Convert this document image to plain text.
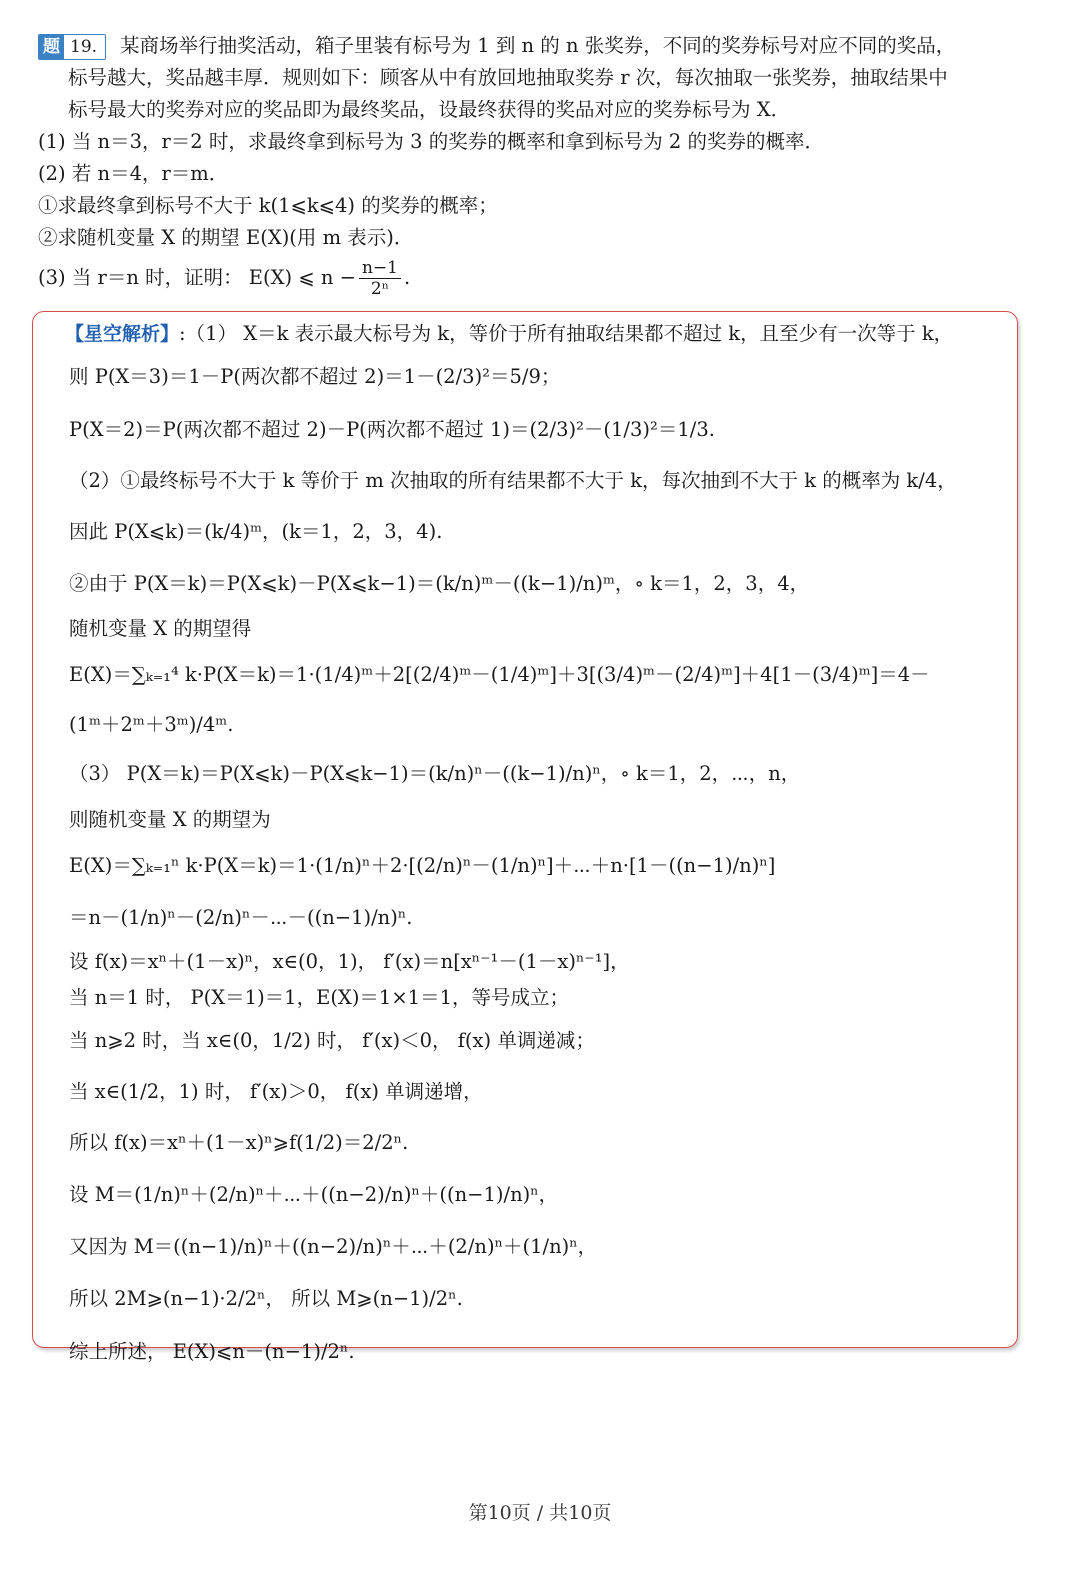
题 19. 某商场举行抽奖活动，箱子里装有标号为 1 到 n 的 n 张奖券，不同的奖券标号对应不同的奖品，
标号越大，奖品越丰厚．规则如下：顾客从中有放回地抽取奖券 r 次，每次抽取一张奖券，抽取结果中
标号最大的奖券对应的奖品即为最终奖品，设最终获得的奖品对应的奖券标号为 X．
(1) 当 n＝3，r＝2 时，求最终拿到标号为 3 的奖券的概率和拿到标号为 2 的奖券的概率．
(2) 若 n＝4，r＝m．
①求最终拿到标号不大于 k(1⩽k⩽4) 的奖券的概率；
②求随机变量 X 的期望 E(X)(用 m 表示)．
(3) 当 r＝n 时，证明： E(X) ⩽ $n - \frac{n-1}{\text{2ⁿ}}$ .
【星空解析】 :（1） X＝k 表示最大标号为 k，等价于所有抽取结果都不超过 k，且至少有一次等于 k，
则 P(X＝3)＝1－P(两次都不超过 2)＝1－(2/3)²＝5/9；
P(X＝2)＝P(两次都不超过 2)－P(两次都不超过 1)＝(2/3)²－(1/3)²＝1/3.
（2）①最终标号不大于 k 等价于 m 次抽取的所有结果都不大于 k，每次抽到不大于 k 的概率为 k/4，
因此 P(X⩽k)＝(k/4)ᵐ，(k＝1，2，3，4).
②由于 P(X＝k)＝P(X⩽k)－P(X⩽k−1)＝(k/n)ᵐ－((k−1)/n)ᵐ，∘ k＝1，2，3，4，
随机变量 X 的期望得
E(X)＝∑ₖ₌₁⁴ k·P(X＝k)＝1·(1/4)ᵐ＋2[(2/4)ᵐ－(1/4)ᵐ]＋3[(3/4)ᵐ－(2/4)ᵐ]＋4[1－(3/4)ᵐ]＝4－
(1ᵐ＋2ᵐ＋3ᵐ)/4ᵐ.
（3） P(X＝k)＝P(X⩽k)－P(X⩽k−1)＝(k/n)ⁿ－((k−1)/n)ⁿ，∘ k＝1，2，⋯，n，
则随机变量 X 的期望为
E(X)＝∑ₖ₌₁ⁿ k·P(X＝k)＝1·(1/n)ⁿ＋2·[(2/n)ⁿ－(1/n)ⁿ]＋⋯＋n·[1－((n−1)/n)ⁿ]
＝n－(1/n)ⁿ－(2/n)ⁿ－⋯－((n−1)/n)ⁿ.
设 f(x)＝xⁿ＋(1－x)ⁿ，x∈(0，1)， f′(x)＝n[xⁿ⁻¹－(1－x)ⁿ⁻¹]，
当 n＝1 时， P(X＝1)＝1，E(X)＝1×1＝1，等号成立；
当 n⩾2 时，当 x∈(0，1/2) 时， f′(x)＜0， f(x) 单调递减；
当 x∈(1/2，1) 时， f′(x)＞0， f(x) 单调递增，
所以 f(x)＝xⁿ＋(1－x)ⁿ⩾f(1/2)＝2/2ⁿ.
设 M＝(1/n)ⁿ＋(2/n)ⁿ＋⋯＋((n−2)/n)ⁿ＋((n−1)/n)ⁿ，
又因为 M＝((n−1)/n)ⁿ＋((n−2)/n)ⁿ＋⋯＋(2/n)ⁿ＋(1/n)ⁿ，
所以 2M⩾(n−1)·2/2ⁿ， 所以 M⩾(n−1)/2ⁿ.
综上所述， E(X)⩽n－(n−1)/2ⁿ.
第10页 / 共10页
